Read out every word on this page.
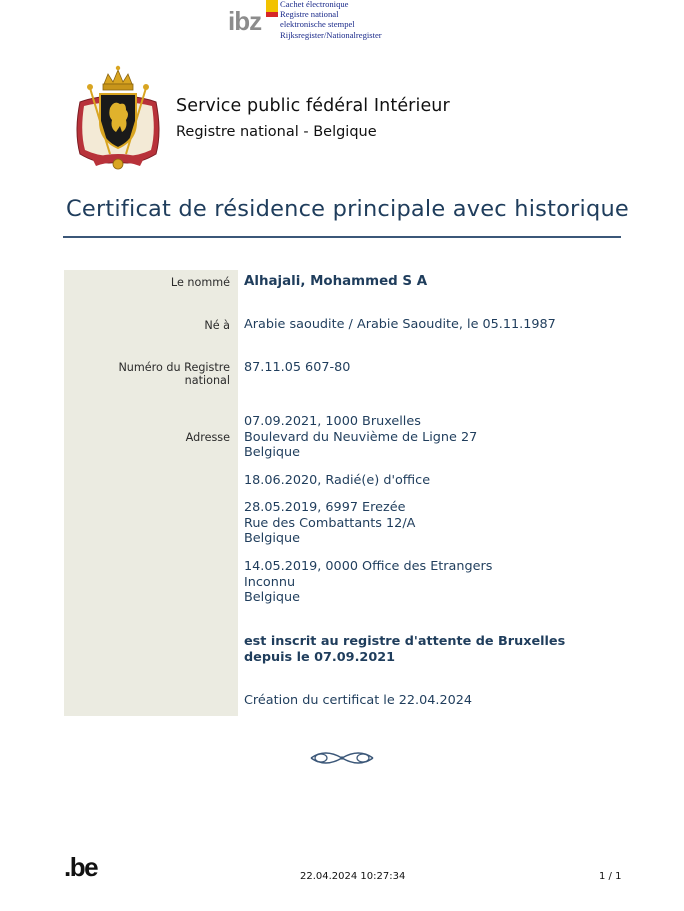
ibz
Cachet électronique
Registre national
elektronische stempel
Rijksregister/Nationalregister
Service public fédéral Intérieur
Registre national - Belgique
Certificat de résidence principale avec historique
Le nommé Alhajali, Mohammed S A
Né à Arabie saoudite / Arabie Saoudite, le 05.11.1987
Numéro du Registre
national
87.11.05 607-80
Adresse
07.09.2021, 1000 Bruxelles
Boulevard du Neuvième de Ligne 27
Belgique
18.06.2020, Radié(e) d'office
28.05.2019, 6997 Erezée
Rue des Combattants 12/A
Belgique
14.05.2019, 0000 Office des Etrangers
Inconnu
Belgique
est inscrit au registre d'attente de Bruxelles
depuis le 07.09.2021
Création du certificat le 22.04.2024
.be	22.04.2024 10:27:34	1 / 1
